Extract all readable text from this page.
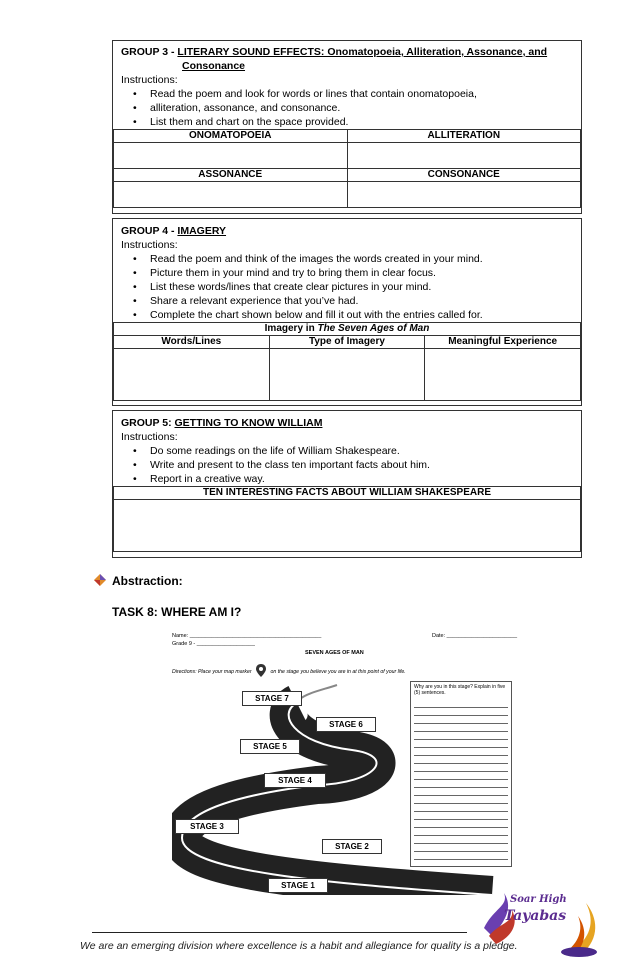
GROUP 3 - LITERARY SOUND EFFECTS: Onomatopoeia, Alliteration, Assonance, and
Consonance
Instructions:
• Read the poem and look for words or lines that contain onomatopoeia,
• alliteration, assonance, and consonance.
• List them and chart on the space provided.
ONOMATOPOEIA	ALLITERATION

ASSONANCE	CONSONANCE

GROUP 4 - IMAGERY
Instructions:
• Read the poem and think of the images the words created in your mind.
• Picture them in your mind and try to bring them in clear focus.
• List these words/lines that create clear pictures in your mind.
• Share a relevant experience that you’ve had.
• Complete the chart shown below and fill it out with the entries called for.
Imagery in The Seven Ages of Man		
Words/Lines	Type of Imagery	Meaningful Experience

GROUP 5: GETTING TO KNOW WILLIAM
Instructions:
• Do some readings on the life of William Shakespeare.
• Write and present to the class ten important facts about him.
• Report in a creative way.
TEN INTERESTING FACTS ABOUT WILLIAM SHAKESPEARE

Abstraction:
TASK 8: WHERE AM I?
Name: ___________________________________________
Grade 9 - ___________________
Date: _______________________
SEVEN AGES OF MAN
Directions: Place your map marker	on the stage you believe you are in at this point of your life.
STAGE 7
STAGE 6
STAGE 5
STAGE 4
STAGE 3
STAGE 2
STAGE 1
Why are you in this stage? Explain in five (5) sentences.
Soar High
Tayabas
We are an emerging division where excellence is a habit and allegiance for quality is a pledge.
